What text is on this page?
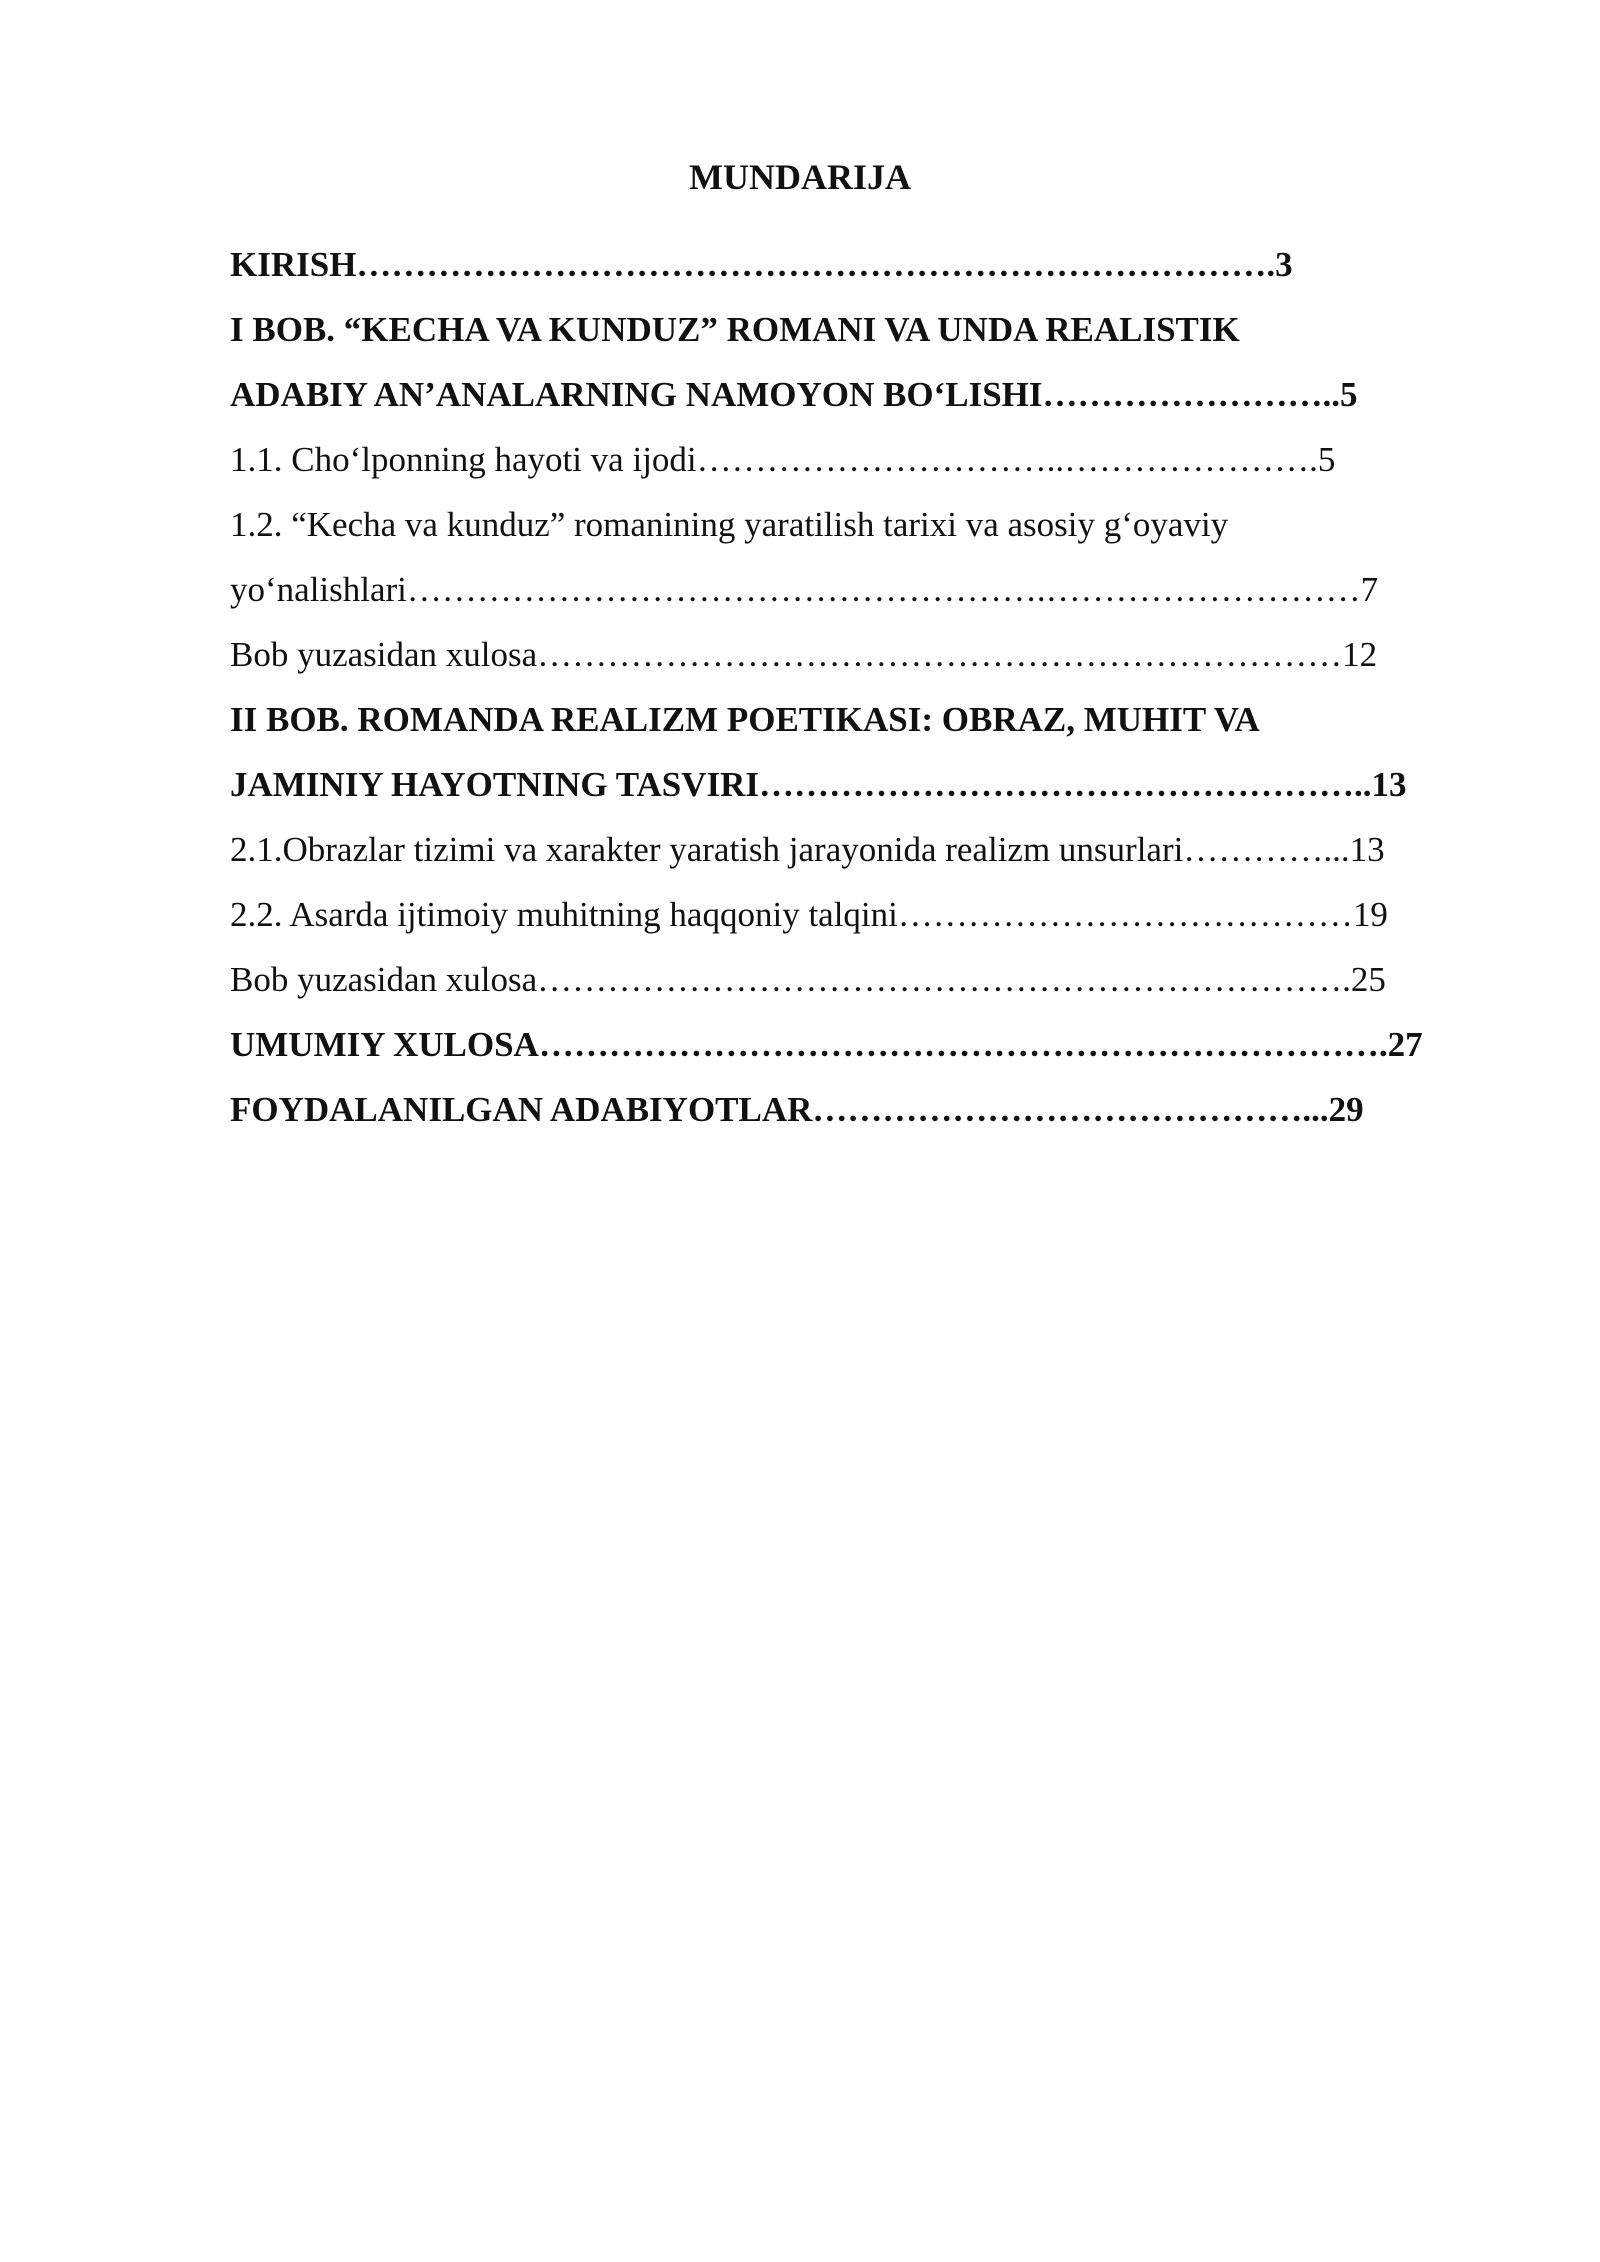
MUNDARIJA
KIRISH…………………………………………………………………….3
I BOB. “KECHA VA KUNDUZ” ROMANI VA UNDA REALISTIK
ADABIY AN’ANALARNING NAMOYON BO‘LISHI……………………..5
1.1. Cho‘lponning hayoti va ijodi…………………………..………………….5
1.2. “Kecha va kunduz” romanining yaratilish tarixi va asosiy g‘oyaviy
yo‘nalishlari……………………………………………….………………………7
Bob yuzasidan xulosa……………………………………………………………12
II BOB. ROMANDA REALIZM POETIKASI: OBRAZ, MUHIT VA
JAMINIY HAYOTNING TASVIRI……………………………………………..13
2.1.Obrazlar tizimi va xarakter yaratish jarayonida realizm unsurlari…………...13
2.2. Asarda ijtimoiy muhitning haqqoniy talqini…………………………………19
Bob yuzasidan xulosa…………………………………………………………….25
UMUMIY XULOSA……………………………………………………………….27
FOYDALANILGAN ADABIYOTLAR……………………………………...29
